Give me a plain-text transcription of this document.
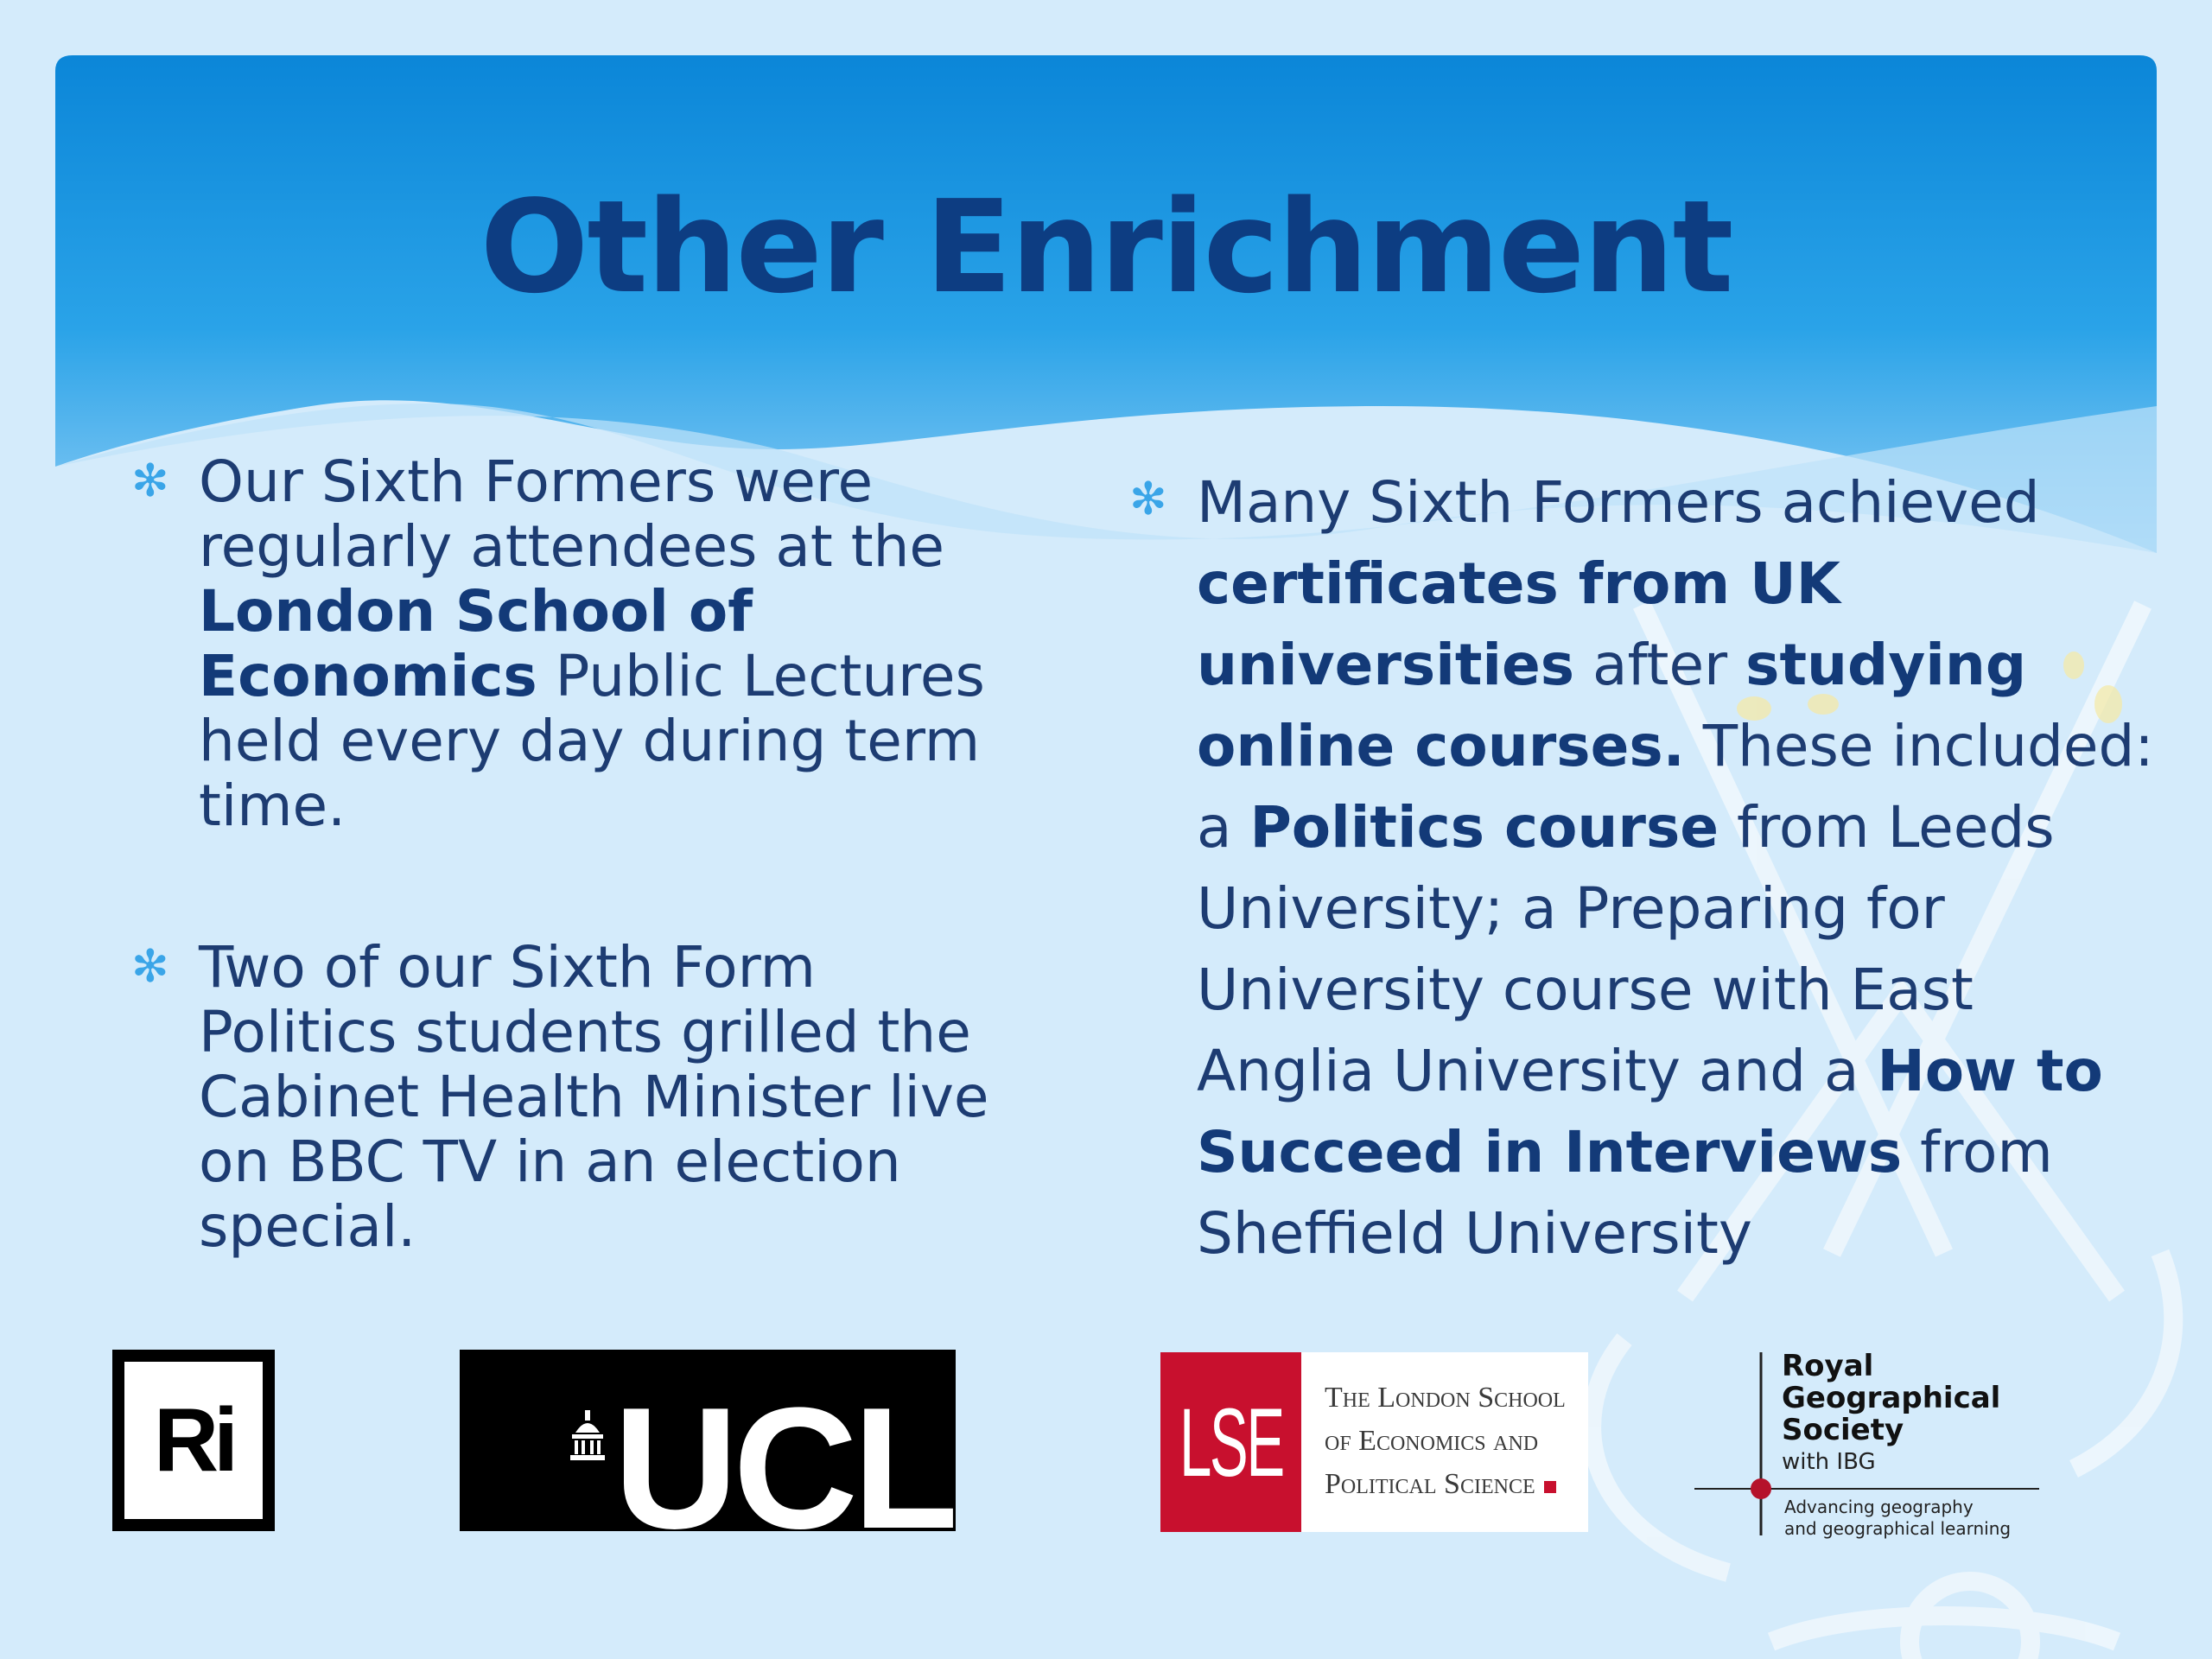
Other Enrichment
✻ Our Sixth Formers were regularly attendees at the London School of Economics Public Lectures held every day during term time.
✻ Two of our Sixth Form Politics students grilled the Cabinet Health Minister live on BBC TV in an election special.
✻ Many Sixth Formers achieved certificates from UK universities after studying online courses. These included: a Politics course from Leeds University; a Preparing for University course with East Anglia University and a How to Succeed in Interviews from Sheffield University
Ri UCL LSE The London School
of Economics and
Political Science
Royal
Geographical
Society
with IBG
Advancing geography
and geographical learning
